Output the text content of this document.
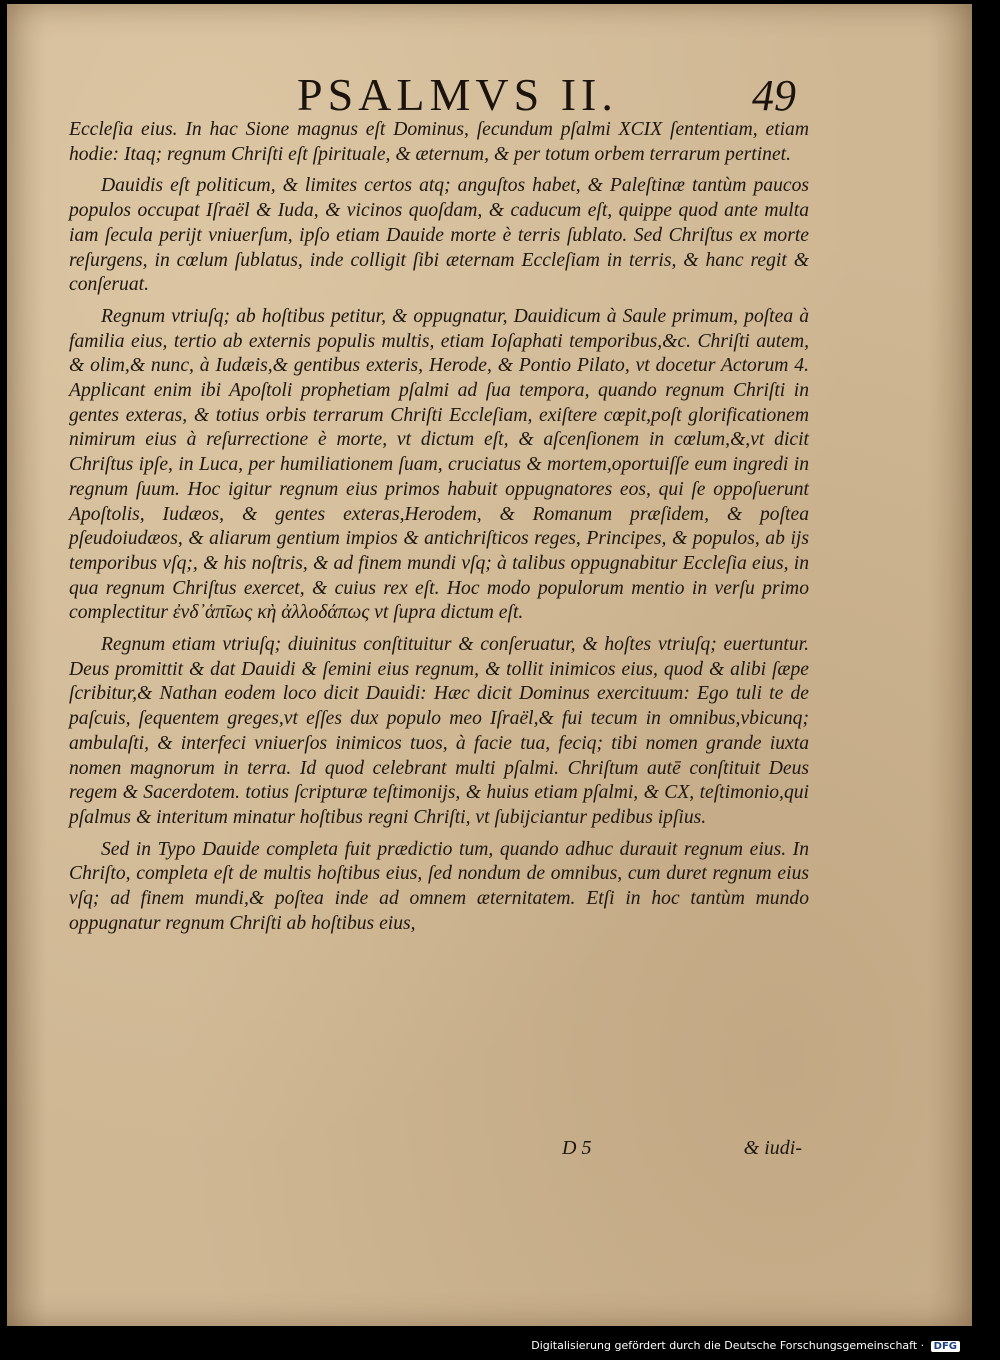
PSALMVS II.	49

Eccleſia eius. In hac Sione magnus eſt Dominus, ſecundum pſalmi XCIX ſententiam, etiam hodie: Itaq; regnum Chriſti eſt ſpirituale, & æternum, & per totum orbem terrarum pertinet.

Dauidis eſt politicum, & limites certos atq; anguſtos habet, & Paleſtinæ tantùm paucos populos occupat Iſraël & Iuda, & vicinos quoſdam, & caducum eſt, quippe quod ante multa iam ſecula perijt vniuerſum, ipſo etiam Dauide morte è terris ſublato. Sed Chriſtus ex morte reſurgens, in cœlum ſublatus, inde colligit ſibi æternam Eccleſiam in terris, & hanc regit & conſeruat.

Regnum vtriuſq; ab hoſtibus petitur, & oppugnatur, Dauidicum à Saule primum, poſtea à familia eius, tertio ab externis populis multis, etiam Ioſaphati temporibus,&c. Chriſti autem, & olim,& nunc, à Iudæis,& gentibus exteris, Herode, & Pontio Pilato, vt docetur Actorum 4. Applicant enim ibi Apoſtoli prophetiam pſalmi ad ſua tempora, quando regnum Chriſti in gentes exteras, & totius orbis terrarum Chriſti Eccleſiam, exiſtere cœpit,poſt glorificationem nimirum eius à reſurrectione è morte, vt dictum eſt, & aſcenſionem in cœlum,&,vt dicit Chriſtus ipſe, in Luca, per humiliationem ſuam, cruciatus & mortem,oportuiſſe eum ingredi in regnum ſuum. Hoc igitur regnum eius primos habuit oppugnatores eos, qui ſe oppoſuerunt Apoſtolis, Iudæos, & gentes exteras,Herodem, & Romanum præſidem, & poſtea pſeudoiudæos, & aliarum gentium impios & antichriſticos reges, Principes, & populos, ab ijs temporibus vſq;, & his noſtris, & ad finem mundi vſq; à talibus oppugnabitur Eccleſia eius, in qua regnum Chriſtus exercet, & cuius rex eſt. Hoc modo populorum mentio in verſu primo complectitur ἐνδ᾽ἁπῖως κὴ ἀλλοδάπως vt ſupra dictum eſt.

Regnum etiam vtriuſq; diuinitus conſtituitur & conſeruatur, & hoſtes vtriuſq; euertuntur. Deus promittit & dat Dauidi & ſemini eius regnum, & tollit inimicos eius, quod & alibi ſæpe ſcribitur,& Nathan eodem loco dicit Dauidi: Hæc dicit Dominus exercituum: Ego tuli te de paſcuis, ſequentem greges,vt eſſes dux populo meo Iſraël,& fui tecum in omnibus,vbicunq; ambulaſti, & interfeci vniuerſos inimicos tuos, à facie tua, feciq; tibi nomen grande iuxta nomen magnorum in terra. Id quod celebrant multi pſalmi. Chriſtum autē conſtituit Deus regem & Sacerdotem. totius ſcripturæ teſtimonijs, & huius etiam pſalmi, & CX, teſtimonio,qui pſalmus & interitum minatur hoſtibus regni Chriſti, vt ſubijciantur pedibus ipſius.

Sed in Typo Dauide completa fuit prædictio tum, quando adhuc durauit regnum eius. In Chriſto, completa eſt de multis hoſtibus eius, ſed nondum de omnibus, cum duret regnum eius vſq; ad finem mundi,& poſtea inde ad omnem æternitatem. Etſi in hoc tantùm mundo oppugnatur regnum Chriſti ab hoſtibus eius,

D 5	& iudi-
Digitalisierung gefördert durch die Deutsche Forschungsgemeinschaft · DFG
